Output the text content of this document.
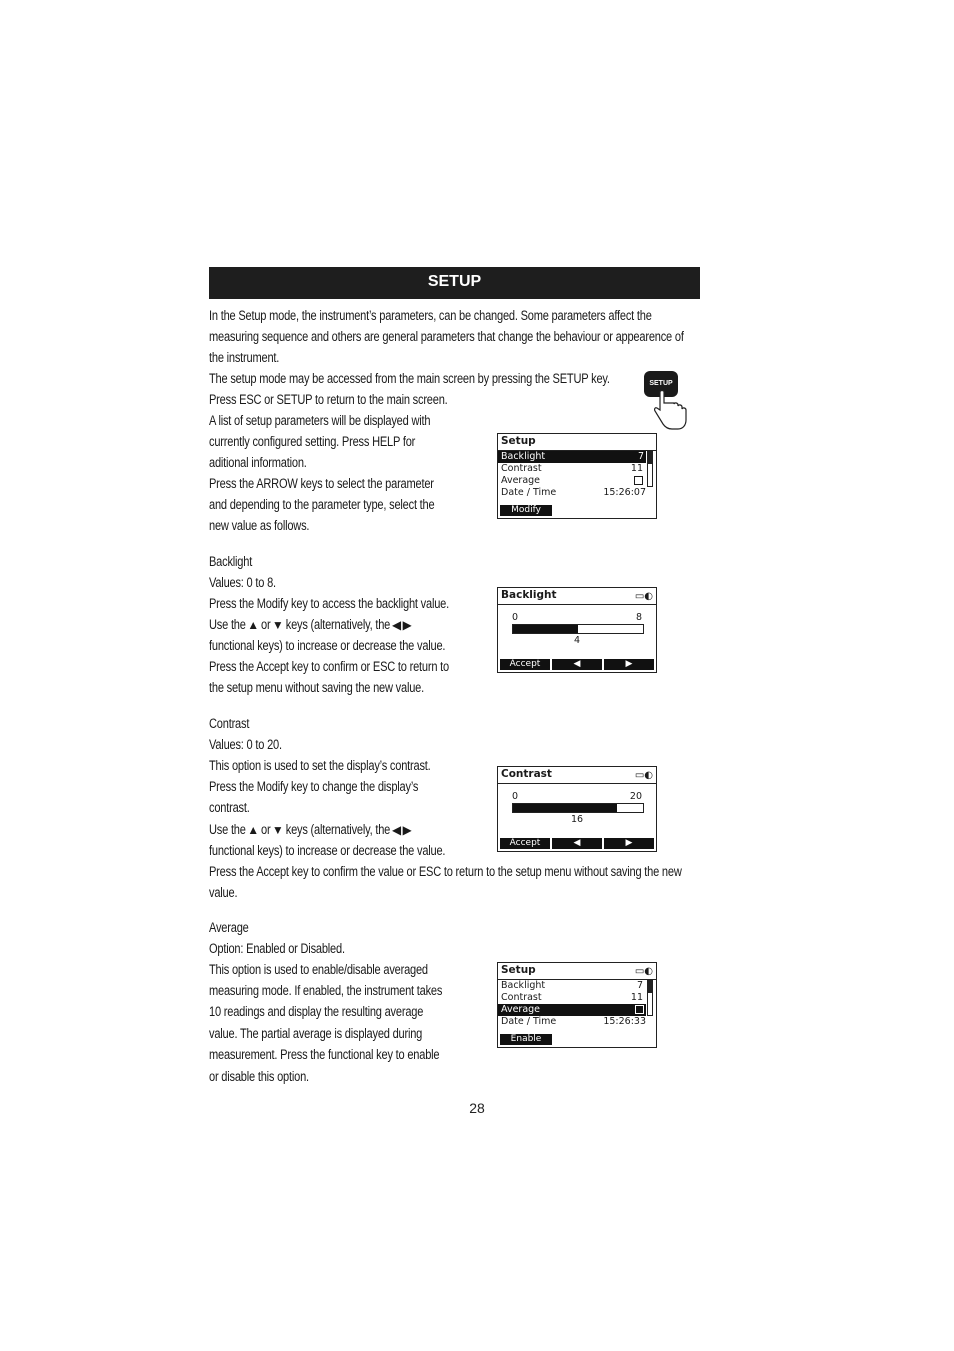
SETUP
In the Setup mode, the instrument’s parameters, can be changed. Some parameters affect the
measuring sequence and others are general parameters that change the behaviour or appearence of
the instrument.
The setup mode may be accessed from the main screen by pressing the SETUP key.
Press ESC or SETUP to return to the main screen.
A list of setup parameters will be displayed with
currently configured setting. Press HELP for
aditional information.
Press the ARROW keys to select the parameter
and depending to the parameter type, select the
new value as follows.
SETUP
Setup
Backlight	7
Contrast	11
Average
Date / Time	15:26:07
Modify
Backlight
Values: 0 to 8.
Press the Modify key to access the backlight value.
Use the ▲ or ▼ keys (alternatively, the ◀ ▶
functional keys) to increase or decrease the value.
Press the Accept key to confirm or ESC to return to
the setup menu without saving the new value.
Backlight	▭◐
0	8
4
Accept	◀	▶
Contrast
Values: 0 to 20.
This option is used to set the display’s contrast.
Press the Modify key to change the display’s
contrast.
Use the ▲ or ▼ keys (alternatively, the ◀ ▶
functional keys) to increase or decrease the value.
Press the Accept key to confirm the value or ESC to return to the setup menu without saving the new
value.
Contrast	▭◐
0	20
16
Accept	◀	▶
Average
Option: Enabled or Disabled.
This option is used to enable/disable averaged
measuring mode. If enabled, the instrument takes
10 readings and display the resulting average
value. The partial average is displayed during
measurement. Press the functional key to enable
or disable this option.
Setup	▭◐
Backlight	7
Contrast	11
Average
Date / Time	15:26:33
Enable
28
